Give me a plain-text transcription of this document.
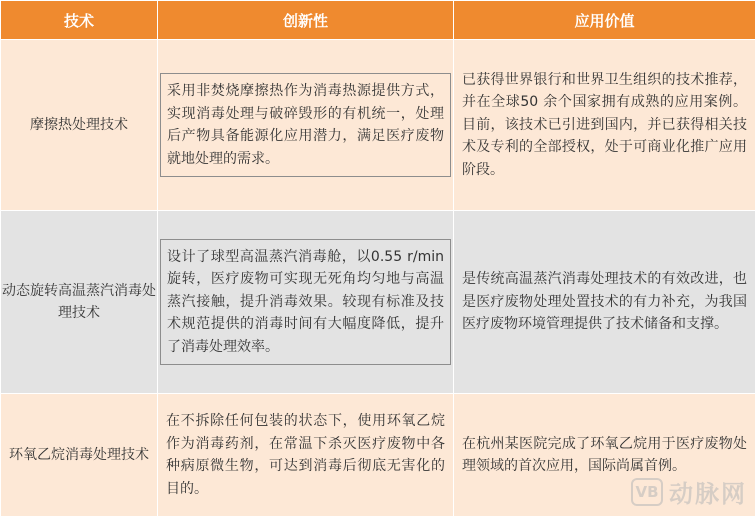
技术	创新性	应用价值
摩擦热处理技术	采用非焚烧摩擦热作为消毒热源提供方式，实现消毒处理与破碎毁形的有机统一，处理后产物具备能源化应用潜力，满足医疗废物就地处理的需求。	已获得世界银行和世界卫生组织的技术推荐，并在全球50 余个国家拥有成熟的应用案例。目前，该技术已引进到国内，并已获得相关技术及专利的全部授权，处于可商业化推广应用阶段。

动态旋转高温蒸汽消毒处理技术	设计了球型高温蒸汽消毒舱，以0.55 r/min 旋转，医疗废物可实现无死角均匀地与高温蒸汽接触，提升消毒效果。较现有标准及技术规范提供的消毒时间有大幅度降低，提升了消毒处理效率。	是传统高温蒸汽消毒处理技术的有效改进，也是医疗废物处理处置技术的有力补充，为我国医疗废物环境管理提供了技术储备和支撑。

环氧乙烷消毒处理技术	在不拆除任何包装的状态下，使用环氧乙烷作为消毒药剂，在常温下杀灭医疗废物中各种病原微生物，可达到消毒后彻底无害化的目的。	在杭州某医院完成了环氧乙烷用于医疗废物处理领域的首次应用，国际尚属首例。
VB 动脉网
